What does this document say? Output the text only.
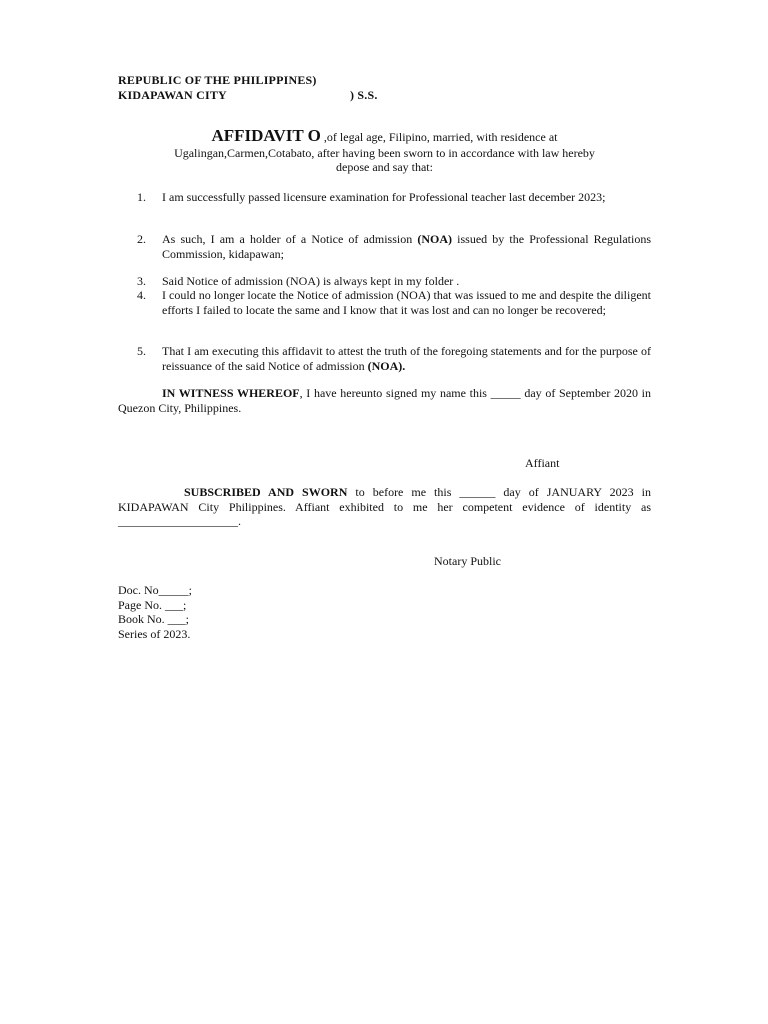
REPUBLIC OF THE PHILIPPINES)
KIDAPAWAN CITY	) S.S.
AFFIDAVIT O ,of legal age, Filipino, married, with residence at
Ugalingan,Carmen,Cotabato, after having been sworn to in accordance with law hereby
depose and say that:
1. I am successfully passed licensure examination for Professional teacher last december 2023;
2. As such, I am a holder of a Notice of admission (NOA) issued by the Professional Regulations Commission, kidapawan;
3. Said Notice of admission (NOA) is always kept in my folder .
4. I could no longer locate the Notice of admission (NOA) that was issued to me and despite the diligent efforts I failed to locate the same and I know that it was lost and can no longer be recovered;
5. That I am executing this affidavit to attest the truth of the foregoing statements and for the purpose of reissuance of the said Notice of admission (NOA).
IN WITNESS WHEREOF, I have hereunto signed my name this _____ day of September 2020 in Quezon City, Philippines.
Affiant
SUBSCRIBED AND SWORN to before me this ______ day of JANUARY 2023 in KIDAPAWAN City Philippines. Affiant exhibited to me her competent evidence of identity as ____________________.
Notary Public
Doc. No_____;
Page No. ___;
Book No. ___;
Series of 2023.
